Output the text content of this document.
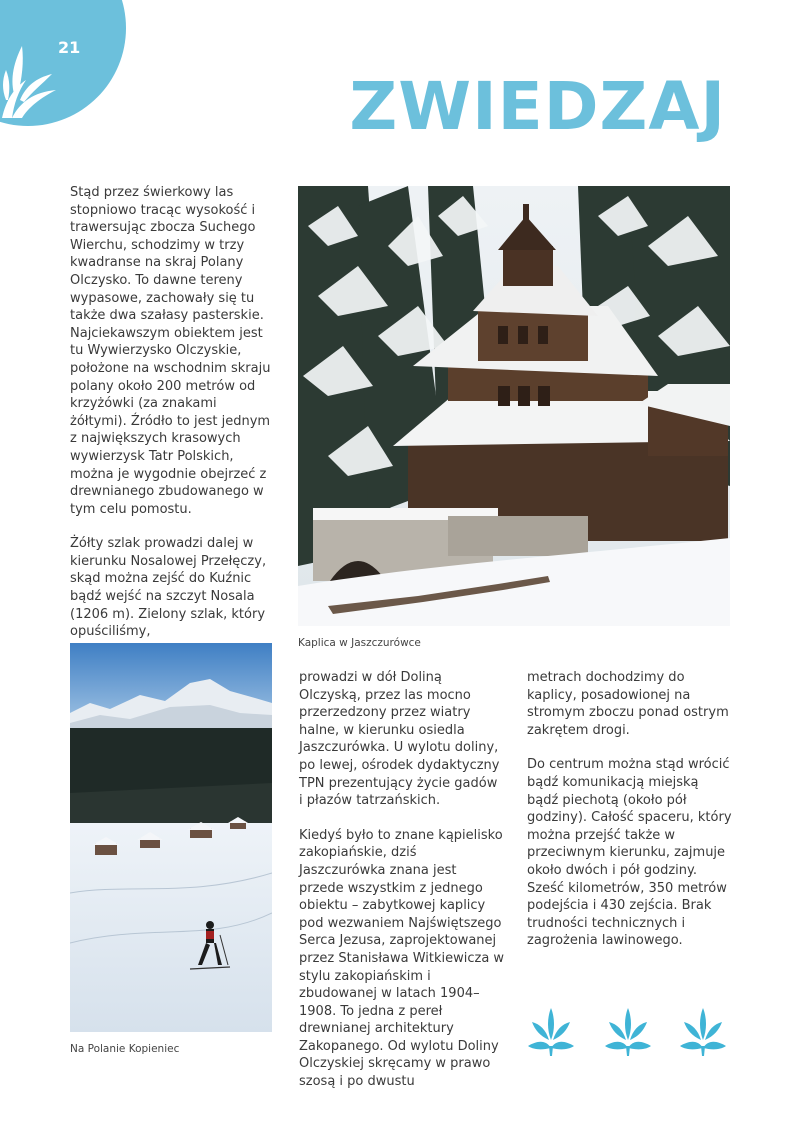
21
ZWIEDZAJ

Stąd przez świerkowy las stopniowo tracąc wysokość i trawersując zbocza Suchego Wierchu, schodzimy w trzy kwadranse na skraj Polany Olczysko. To dawne tereny wypasowe, zachowały się tu także dwa szałasy pasterskie. Najciekawszym obiektem jest tu Wywierzysko Olczyskie, położone na wschodnim skraju polany około 200 metrów od krzyżówki (za znakami żółtymi). Źródło to jest jednym z największych krasowych wywierzysk Tatr Polskich, można je wygodnie obejrzeć z drewnianego zbudowanego w tym celu pomostu.

Żółty szlak prowadzi dalej w kierunku Nosalowej Przełęczy, skąd można zejść do Kuźnic bądź wejść na szczyt Nosala (1206 m). Zielony szlak, który opuściliśmy,

Kaplica w Jaszczurówce
Na Polanie Kopieniec

prowadzi w dół Doliną Olczyską, przez las mocno przerzedzony przez wiatry halne, w kierunku osiedla Jaszczurówka. U wylotu doliny, po lewej, ośrodek dydaktyczny TPN prezentujący życie gadów i płazów tatrzańskich.

Kiedyś było to znane kąpielisko zakopiańskie, dziś Jaszczurówka znana jest przede wszystkim z jednego obiektu – zabytkowej kaplicy pod wezwaniem Najświętszego Serca Jezusa, zaprojektowanej przez Stanisława Witkiewicza w stylu zakopiańskim i zbudowanej w latach 1904–1908. To jedna z pereł drewnianej architektury Zakopanego. Od wylotu Doliny Olczyskiej skręcamy w prawo szosą i po dwustu

metrach dochodzimy do kaplicy, posadowionej na stromym zboczu ponad ostrym zakrętem drogi.

Do centrum można stąd wrócić bądź komunikacją miejską bądź piechotą (około pół godziny). Całość spaceru, który można przejść także w przeciwnym kierunku, zajmuje około dwóch i pół godziny. Sześć kilometrów, 350 metrów podejścia i 430 zejścia. Brak trudności technicznych i zagrożenia lawinowego.
